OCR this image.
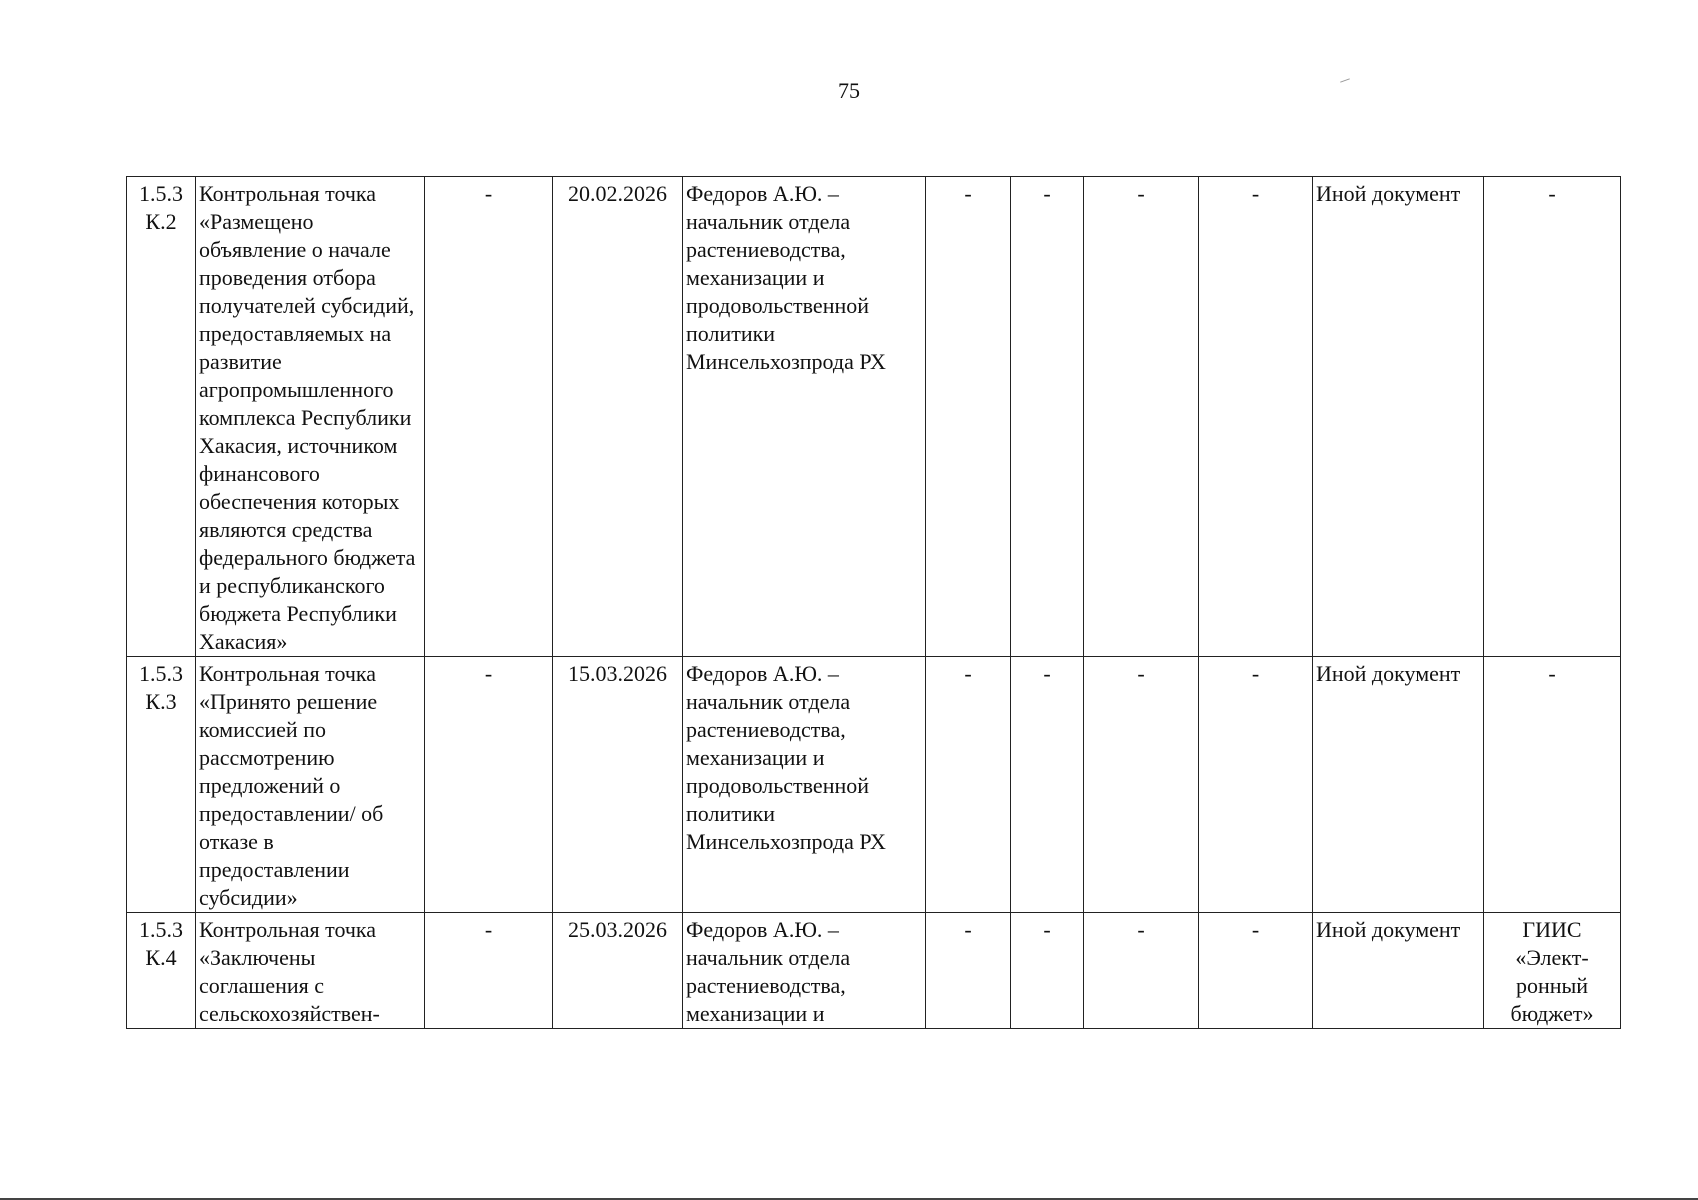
75
1.5.3 К.2	Контрольная точка «Размещено объявление о начале проведения отбора получателей субсидий, предоставляемых на развитие агропромышленного комплекса Республики Хакасия, источником финансового обеспечения которых являются средства федерального бюджета и республиканского бюджета Республики Хакасия»	-	20.02.2026	Федоров А.Ю. – начальник отдела растениеводства, механизации и продовольственной политики Минсельхозпрода РХ	-	-	-	-	Иной документ	-
1.5.3 К.3	Контрольная точка «Принято решение комиссией по рассмотрению предложений о предоставлении/ об отказе в предоставлении субсидии»	-	15.03.2026	Федоров А.Ю. – начальник отдела растениеводства, механизации и продовольственной политики Минсельхозпрода РХ	-	-	-	-	Иной документ	-
1.5.3 К.4	Контрольная точка «Заключены соглашения с сельскохозяйствен-	-	25.03.2026	Федоров А.Ю. – начальник отдела растениеводства, механизации и	-	-	-	-	Иной документ	ГИИС «Элект-ронный бюджет»
